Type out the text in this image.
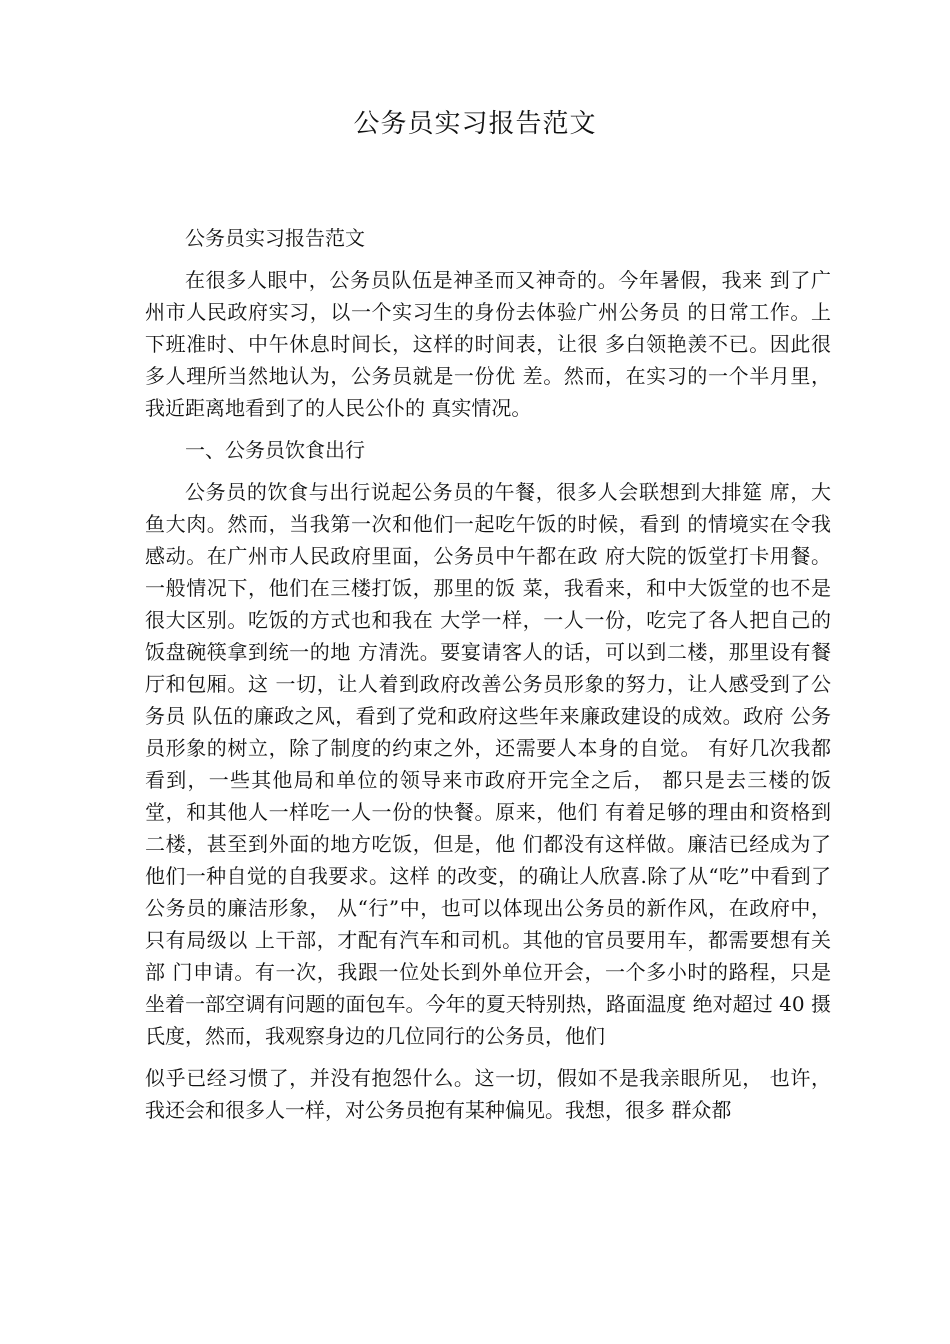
公务员实习报告范文

公务员实习报告范文

在很多人眼中，公务员队伍是神圣而又神奇的。今年暑假，我来 到了广州市人民政府实习，以一个实习生的身份去体验广州公务员 的日常工作。上下班准时、中午休息时间长，这样的时间表，让很 多白领艳羡不已。因此很多人理所当然地认为，公务员就是一份优 差。然而，在实习的一个半月里，我近距离地看到了的人民公仆的 真实情况。

一、公务员饮食出行

公务员的饮食与出行说起公务员的午餐，很多人会联想到大排筵 席，大鱼大肉。然而，当我第一次和他们一起吃午饭的时候，看到 的情境实在令我感动。在广州市人民政府里面，公务员中午都在政 府大院的饭堂打卡用餐。一般情况下，他们在三楼打饭，那里的饭 菜，我看来，和中大饭堂的也不是很大区别。吃饭的方式也和我在 大学一样，一人一份，吃完了各人把自己的饭盘碗筷拿到统一的地 方清洗。要宴请客人的话，可以到二楼，那里设有餐厅和包厢。这 一切，让人着到政府改善公务员形象的努力，让人感受到了公务员 队伍的廉政之风，看到了党和政府这些年来廉政建设的成效。政府 公务员形象的树立，除了制度的约束之外，还需要人本身的自觉。 有好几次我都看到，一些其他局和单位的领导来市政府开完全之后， 都只是去三楼的饭堂，和其他人一样吃一人一份的快餐。原来，他们 有着足够的理由和资格到二楼，甚至到外面的地方吃饭，但是，他 们都没有这样做。廉洁已经成为了他们一种自觉的自我要求。这样 的改变，的确让人欣喜.除了从“吃”中看到了公务员的廉洁形象， 从“行”中，也可以体现出公务员的新作风，在政府中，只有局级以 上干部，才配有汽车和司机。其他的官员要用车，都需要想有关部 门申请。有一次，我跟一位处长到外单位开会，一个多小时的路程，只是坐着一部空调有问题的面包车。今年的夏天特别热，路面温度 绝对超过 40 摄氏度，然而，我观察身边的几位同行的公务员，他们

似乎已经习惯了，并没有抱怨什么。这一切，假如不是我亲眼所见， 也许，我还会和很多人一样，对公务员抱有某种偏见。我想，很多 群众都
